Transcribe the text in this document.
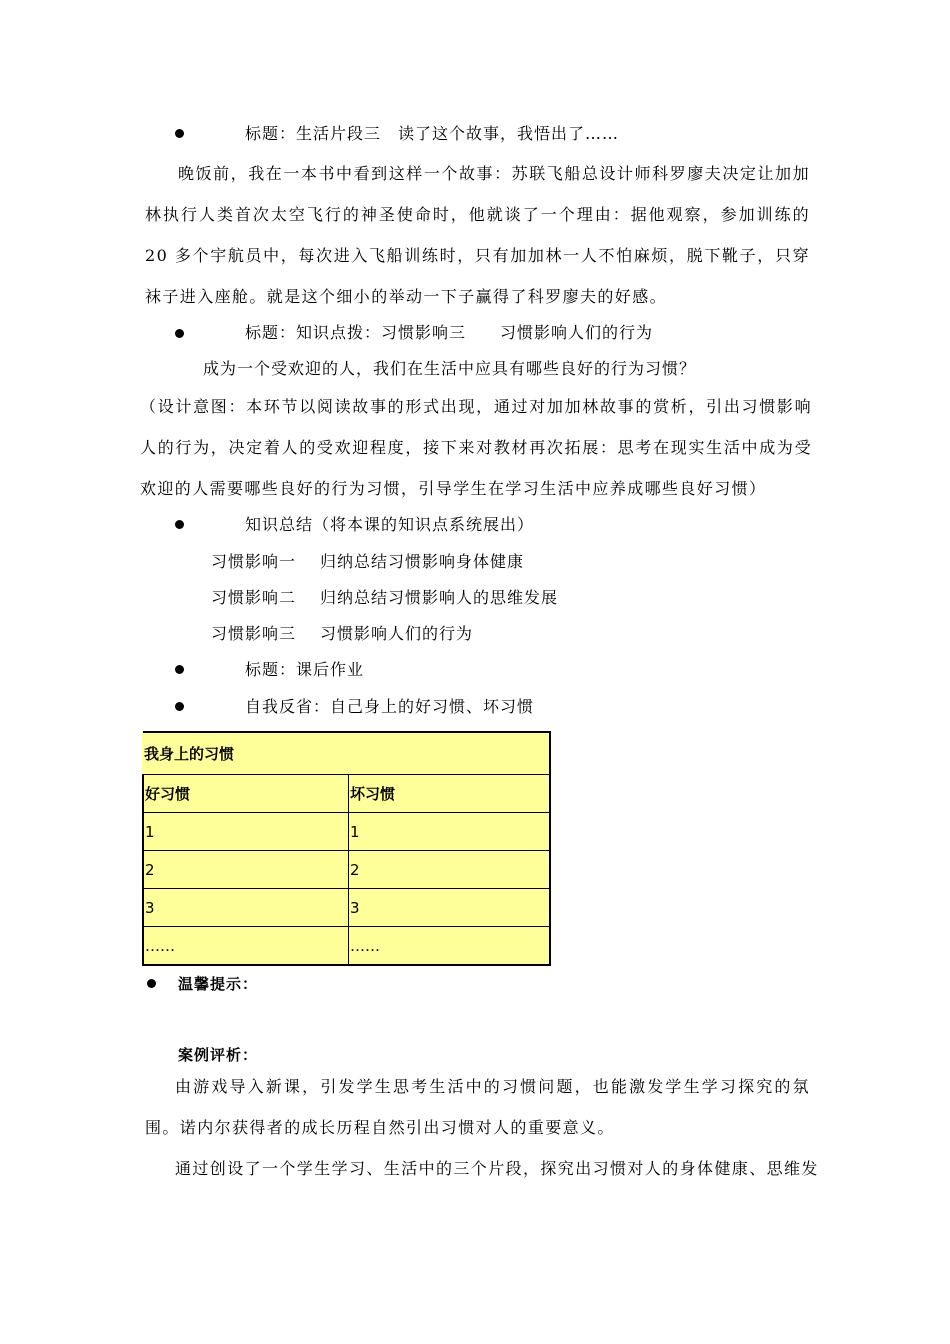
标题：生活片段三　读了这个故事，我悟出了……
晚饭前，我在一本书中看到这样一个故事：苏联飞船总设计师科罗廖夫决定让加加林执行人类首次太空飞行的神圣使命时，他就谈了一个理由：据他观察，参加训练的 20 多个宇航员中，每次进入飞船训练时，只有加加林一人不怕麻烦，脱下靴子，只穿袜子进入座舱。就是这个细小的举动一下子赢得了科罗廖夫的好感。
标题：知识点拨：习惯影响三　　习惯影响人们的行为
成为一个受欢迎的人，我们在生活中应具有哪些良好的行为习惯？
（设计意图：本环节以阅读故事的形式出现，通过对加加林故事的赏析，引出习惯影响人的行为，决定着人的受欢迎程度，接下来对教材再次拓展：思考在现实生活中成为受欢迎的人需要哪些良好的行为习惯，引导学生在学习生活中应养成哪些良好习惯）
知识总结（将本课的知识点系统展出）
习惯影响一 归纳总结习惯影响身体健康
习惯影响二 归纳总结习惯影响人的思维发展
习惯影响三 习惯影响人们的行为
标题：课后作业
自我反省：自己身上的好习惯、坏习惯
我身上的习惯	
好习惯	坏习惯
1	1
2	2
3	3
……	……
温馨提示：
案例评析：
由游戏导入新课，引发学生思考生活中的习惯问题，也能激发学生学习探究的氛围。诺内尔获得者的成长历程自然引出习惯对人的重要意义。
通过创设了一个学生学习、生活中的三个片段，探究出习惯对人的身体健康、思维发
